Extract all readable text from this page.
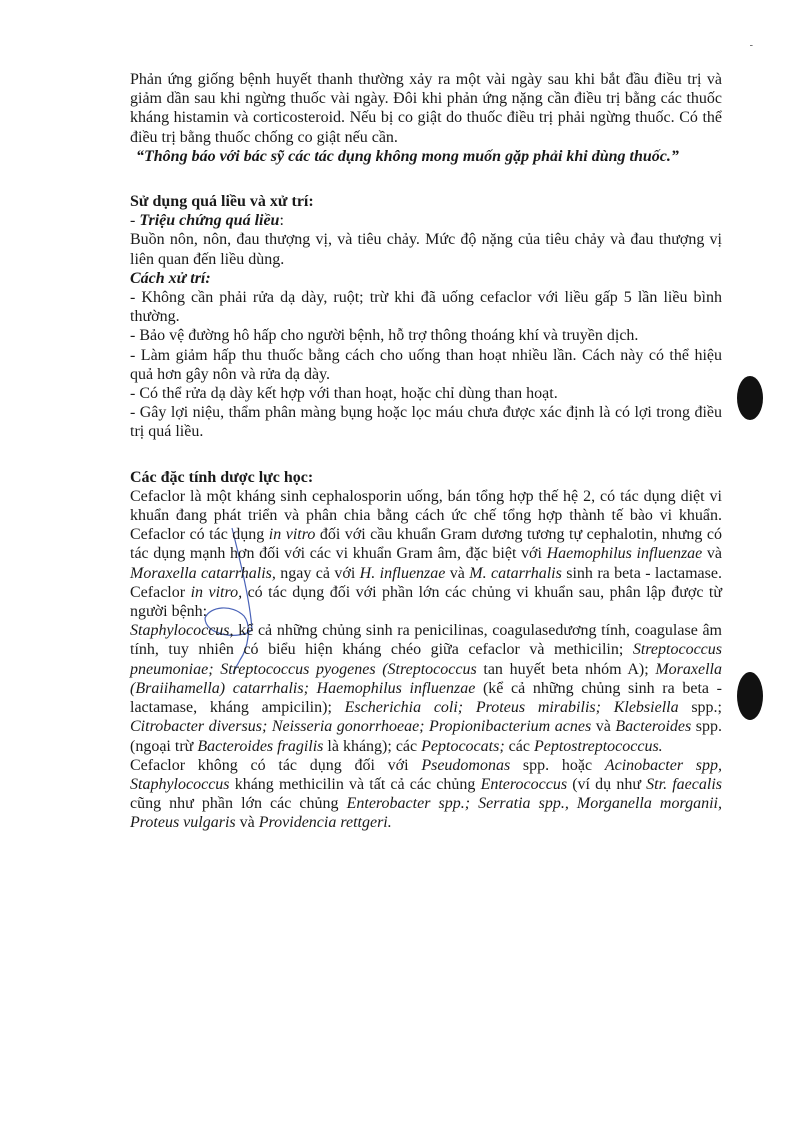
-

Phản ứng giống bệnh huyết thanh thường xảy ra một vài ngày sau khi bắt đầu điều trị và giảm dần sau khi ngừng thuốc vài ngày. Đôi khi phản ứng nặng cần điều trị bằng các thuốc kháng histamin và corticosteroid. Nếu bị co giật do thuốc điều trị phải ngừng thuốc. Có thể điều trị bằng thuốc chống co giật nếu cần.

“Thông báo với bác sỹ các tác dụng không mong muốn gặp phải khi dùng thuốc.”

Sử dụng quá liều và xử trí:

- Triệu chứng quá liều:

Buồn nôn, nôn, đau thượng vị, và tiêu chảy. Mức độ nặng của tiêu chảy và đau thượng vị liên quan đến liều dùng.

Cách xử trí:

- Không cần phải rửa dạ dày, ruột; trừ khi đã uống cefaclor với liều gấp 5 lần liều bình thường.

- Bảo vệ đường hô hấp cho người bệnh, hỗ trợ thông thoáng khí và truyền dịch.

- Làm giảm hấp thu thuốc bằng cách cho uống than hoạt nhiều lần. Cách này có thể hiệu quả hơn gây nôn và rửa dạ dày.

- Có thể rửa dạ dày kết hợp với than hoạt, hoặc chỉ dùng than hoạt.

- Gây lợi niệu, thẩm phân màng bụng hoặc lọc máu chưa được xác định là có lợi trong điều trị quá liều.

Các đặc tính dược lực học:

Cefaclor là một kháng sinh cephalosporin uống, bán tổng hợp thế hệ 2, có tác dụng diệt vi khuẩn đang phát triển và phân chia bằng cách ức chế tổng hợp thành tế bào vi khuẩn. Cefaclor có tác dụng in vitro đối với cầu khuẩn Gram dương tương tự cephalotin, nhưng có tác dụng mạnh hơn đối với các vi khuẩn Gram âm, đặc biệt với Haemophilus influenzae và Moraxella catarrhalis, ngay cả với H. influenzae và M. catarrhalis sinh ra beta - lactamase. Cefaclor in vitro, có tác dụng đối với phần lớn các chủng vi khuẩn sau, phân lập được từ người bệnh:

Staphylococcus, kể cả những chủng sinh ra penicilinas, coagulasedương tính, coagulase âm tính, tuy nhiên có biểu hiện kháng chéo giữa cefaclor và methicilin; Streptococcus pneumoniae; Streptococcus pyogenes (Streptococcus tan huyết beta nhóm A); Moraxella (Braiihamella) catarrhalis; Haemophilus influenzae (kể cả những chủng sinh ra beta - lactamase, kháng ampicilin); Escherichia coli; Proteus mirabilis; Klebsiella spp.; Citrobacter diversus; Neisseria gonorrhoeae; Propionibacterium acnes và Bacteroides spp. (ngoại trừ Bacteroides fragilis là kháng); các Peptococats; các Peptostreptococcus.

Cefaclor không có tác dụng đối với Pseudomonas spp. hoặc Acinobacter spp, Staphylococcus kháng methicilin và tất cả các chủng Enterococcus (ví dụ như Str. faecalis cũng như phần lớn các chủng Enterobacter spp.; Serratia spp., Morganella morganii, Proteus vulgaris và Providencia rettgeri.
